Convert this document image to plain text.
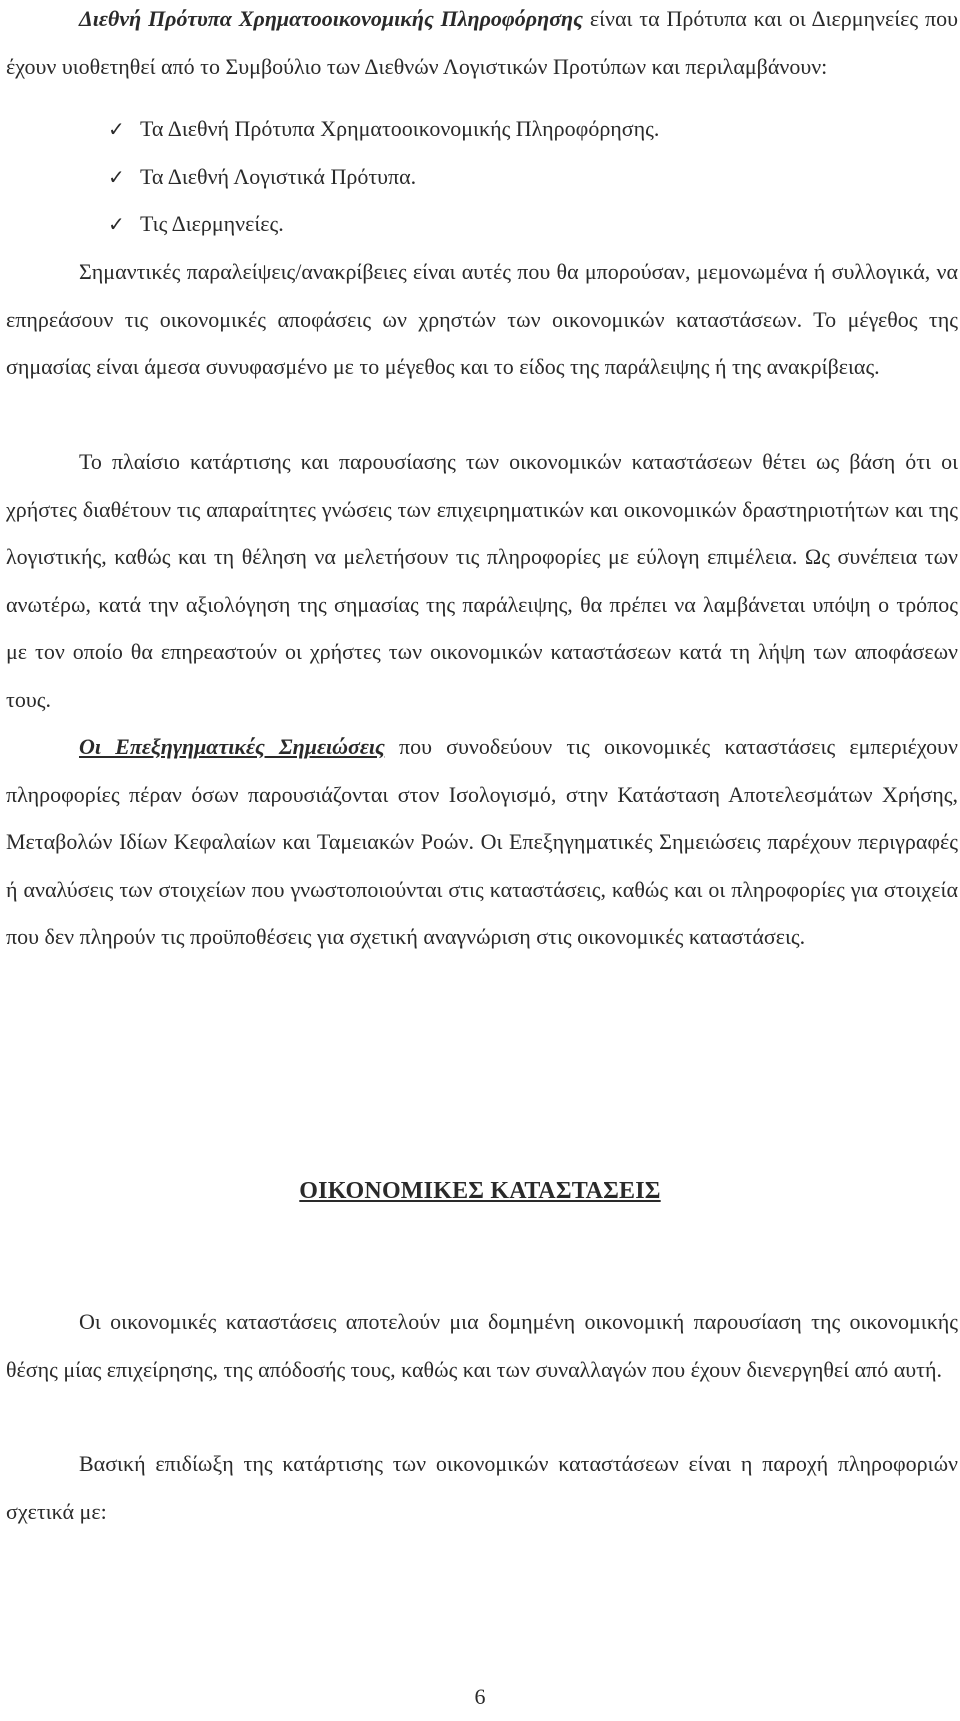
Διεθνή Πρότυπα Χρηματοοικονομικής Πληροφόρησης είναι τα Πρότυπα και οι Διερμηνείες που έχουν υιοθετηθεί από το Συμβούλιο των Διεθνών Λογιστικών Προτύπων και περιλαμβάνουν:

✓ Τα Διεθνή Πρότυπα Χρηματοοικονομικής Πληροφόρησης.
✓ Τα Διεθνή Λογιστικά Πρότυπα.
✓ Τις Διερμηνείες.

Σημαντικές παραλείψεις/ανακρίβειες είναι αυτές που θα μπορούσαν, μεμονωμένα ή συλλογικά, να επηρεάσουν τις οικονομικές αποφάσεις ων χρηστών των οικονομικών καταστάσεων. Το μέγεθος της σημασίας είναι άμεσα συνυφασμένο με το μέγεθος και το είδος της παράλειψης ή της ανακρίβειας.

Το πλαίσιο κατάρτισης και παρουσίασης των οικονομικών καταστάσεων θέτει ως βάση ότι οι χρήστες διαθέτουν τις απαραίτητες γνώσεις των επιχειρηματικών και οικονομικών δραστηριοτήτων και της λογιστικής, καθώς και τη θέληση να μελετήσουν τις πληροφορίες με εύλογη επιμέλεια. Ως συνέπεια των ανωτέρω, κατά την αξιολόγηση της σημασίας της παράλειψης, θα πρέπει να λαμβάνεται υπόψη ο τρόπος με τον οποίο θα επηρεαστούν οι χρήστες των οικονομικών καταστάσεων κατά τη λήψη των αποφάσεων τους.

Οι Επεξηγηματικές Σημειώσεις που συνοδεύουν τις οικονομικές καταστάσεις εμπεριέχουν πληροφορίες πέραν όσων παρουσιάζονται στον Ισολογισμό, στην Κατάσταση Αποτελεσμάτων Χρήσης, Μεταβολών Ιδίων Κεφαλαίων και Ταμειακών Ροών. Οι Επεξηγηματικές Σημειώσεις παρέχουν περιγραφές ή αναλύσεις των στοιχείων που γνωστοποιούνται στις καταστάσεις, καθώς και οι πληροφορίες για στοιχεία που δεν πληρούν τις προϋποθέσεις για σχετική αναγνώριση στις οικονομικές καταστάσεις.

ΟΙΚΟΝΟΜΙΚΕΣ ΚΑΤΑΣΤΑΣΕΙΣ

Οι οικονομικές καταστάσεις αποτελούν μια δομημένη οικονομική παρουσίαση της οικονομικής θέσης μίας επιχείρησης, της απόδοσής τους, καθώς και των συναλλαγών που έχουν διενεργηθεί από αυτή.

Βασική επιδίωξη της κατάρτισης των οικονομικών καταστάσεων είναι η παροχή πληροφοριών σχετικά με:

6
